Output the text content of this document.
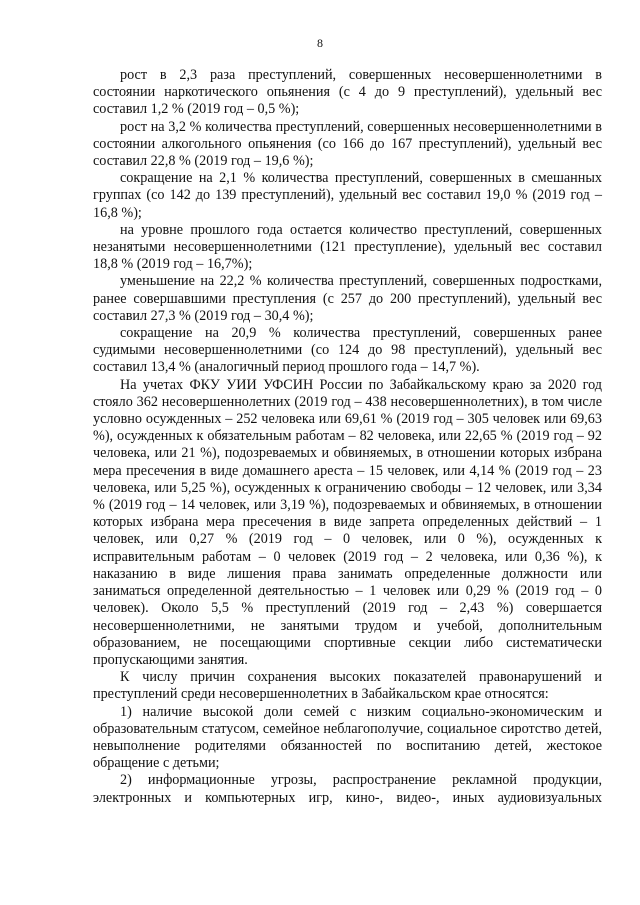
8

рост в 2,3 раза преступлений, совершенных несовершеннолетними в состоянии наркотического опьянения (с 4 до 9 преступлений), удельный вес составил 1,2 % (2019 год – 0,5 %);

рост на 3,2 % количества преступлений, совершенных несовершеннолетними в состоянии алкогольного опьянения (со 166 до 167 преступлений), удельный вес составил 22,8 % (2019 год – 19,6 %);

сокращение на 2,1 % количества преступлений, совершенных в смешанных группах (со 142 до 139 преступлений), удельный вес составил 19,0 % (2019 год – 16,8 %);

на уровне прошлого года остается количество преступлений, совершенных незанятыми несовершеннолетними (121 преступление), удельный вес составил 18,8 % (2019 год – 16,7%);

уменьшение на 22,2 % количества преступлений, совершенных подростками, ранее совершавшими преступления (с 257 до 200 преступлений), удельный вес составил 27,3 % (2019 год – 30,4 %);

сокращение на 20,9 % количества преступлений, совершенных ранее судимыми несовершеннолетними (со 124 до 98 преступлений), удельный вес составил 13,4 % (аналогичный период прошлого года – 14,7 %).

На учетах ФКУ УИИ УФСИН России по Забайкальскому краю за 2020 год стояло 362 несовершеннолетних (2019 год – 438 несовершеннолетних), в том числе условно осужденных – 252 человека или 69,61 % (2019 год – 305 человек или 69,63 %), осужденных к обязательным работам – 82 человека, или 22,65 % (2019 год – 92 человека, или 21 %), подозреваемых и обвиняемых, в отношении которых избрана мера пресечения в виде домашнего ареста – 15 человек, или 4,14 % (2019 год – 23 человека, или 5,25 %), осужденных к ограничению свободы – 12 человек, или 3,34 % (2019 год – 14 человек, или 3,19 %), подозреваемых и обвиняемых, в отношении которых избрана мера пресечения в виде запрета определенных действий – 1 человек, или 0,27 % (2019 год – 0 человек, или 0 %), осужденных к исправительным работам – 0 человек (2019 год – 2 человека, или 0,36 %), к наказанию в виде лишения права занимать определенные должности или заниматься определенной деятельностью – 1 человек или 0,29 % (2019 год – 0 человек). Около 5,5 % преступлений (2019 год – 2,43 %) совершается несовершеннолетними, не занятыми трудом и учебой, дополнительным образованием, не посещающими спортивные секции либо систематически пропускающими занятия.

К числу причин сохранения высоких показателей правонарушений и преступлений среди несовершеннолетних в Забайкальском крае относятся:

1) наличие высокой доли семей с низким социально-экономическим и образовательным статусом, семейное неблагополучие, социальное сиротство детей, невыполнение родителями обязанностей по воспитанию детей, жестокое обращение с детьми;

2) информационные угрозы, распространение рекламной продукции, электронных и компьютерных игр, кино-, видео-, иных аудиовизуальных
